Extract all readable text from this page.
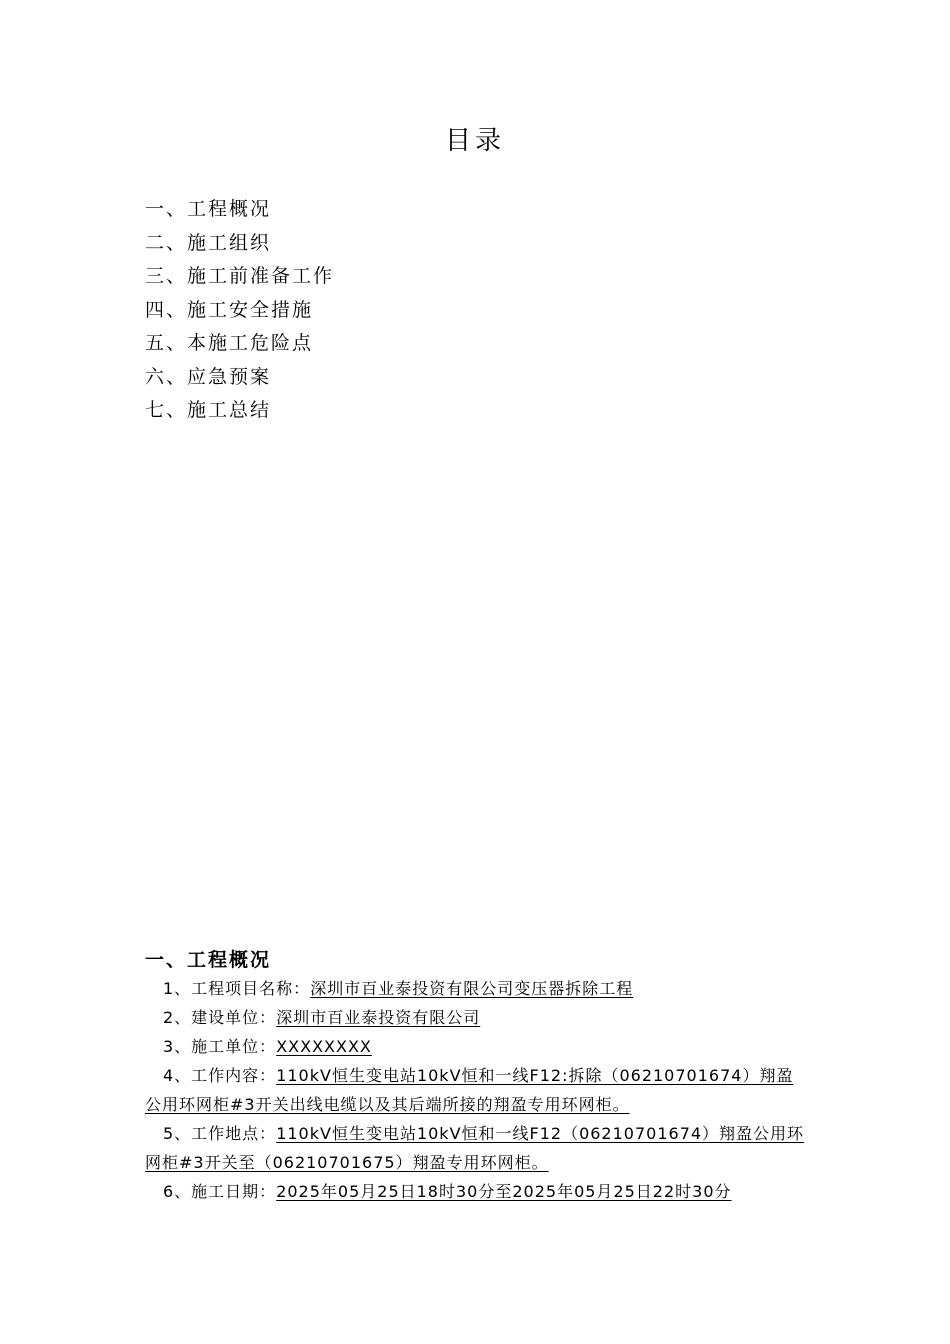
目录
一、工程概况
二、施工组织
三、施工前准备工作
四、施工安全措施
五、本施工危险点
六、应急预案
七、施工总结
一、工程概况

1、工程项目名称：深圳市百业泰投资有限公司变压器拆除工程

2、建设单位：深圳市百业泰投资有限公司

3、施工单位：XXXXXXXX

4、工作内容：110kV恒生变电站10kV恒和一线F12:拆除（06210701674）翔盈公用环网柜#3开关出线电缆以及其后端所接的翔盈专用环网柜。

5、工作地点：110kV恒生变电站10kV恒和一线F12（06210701674）翔盈公用环网柜#3开关至（06210701675）翔盈专用环网柜。

6、施工日期：2025年05月25日18时30分至2025年05月25日22时30分
